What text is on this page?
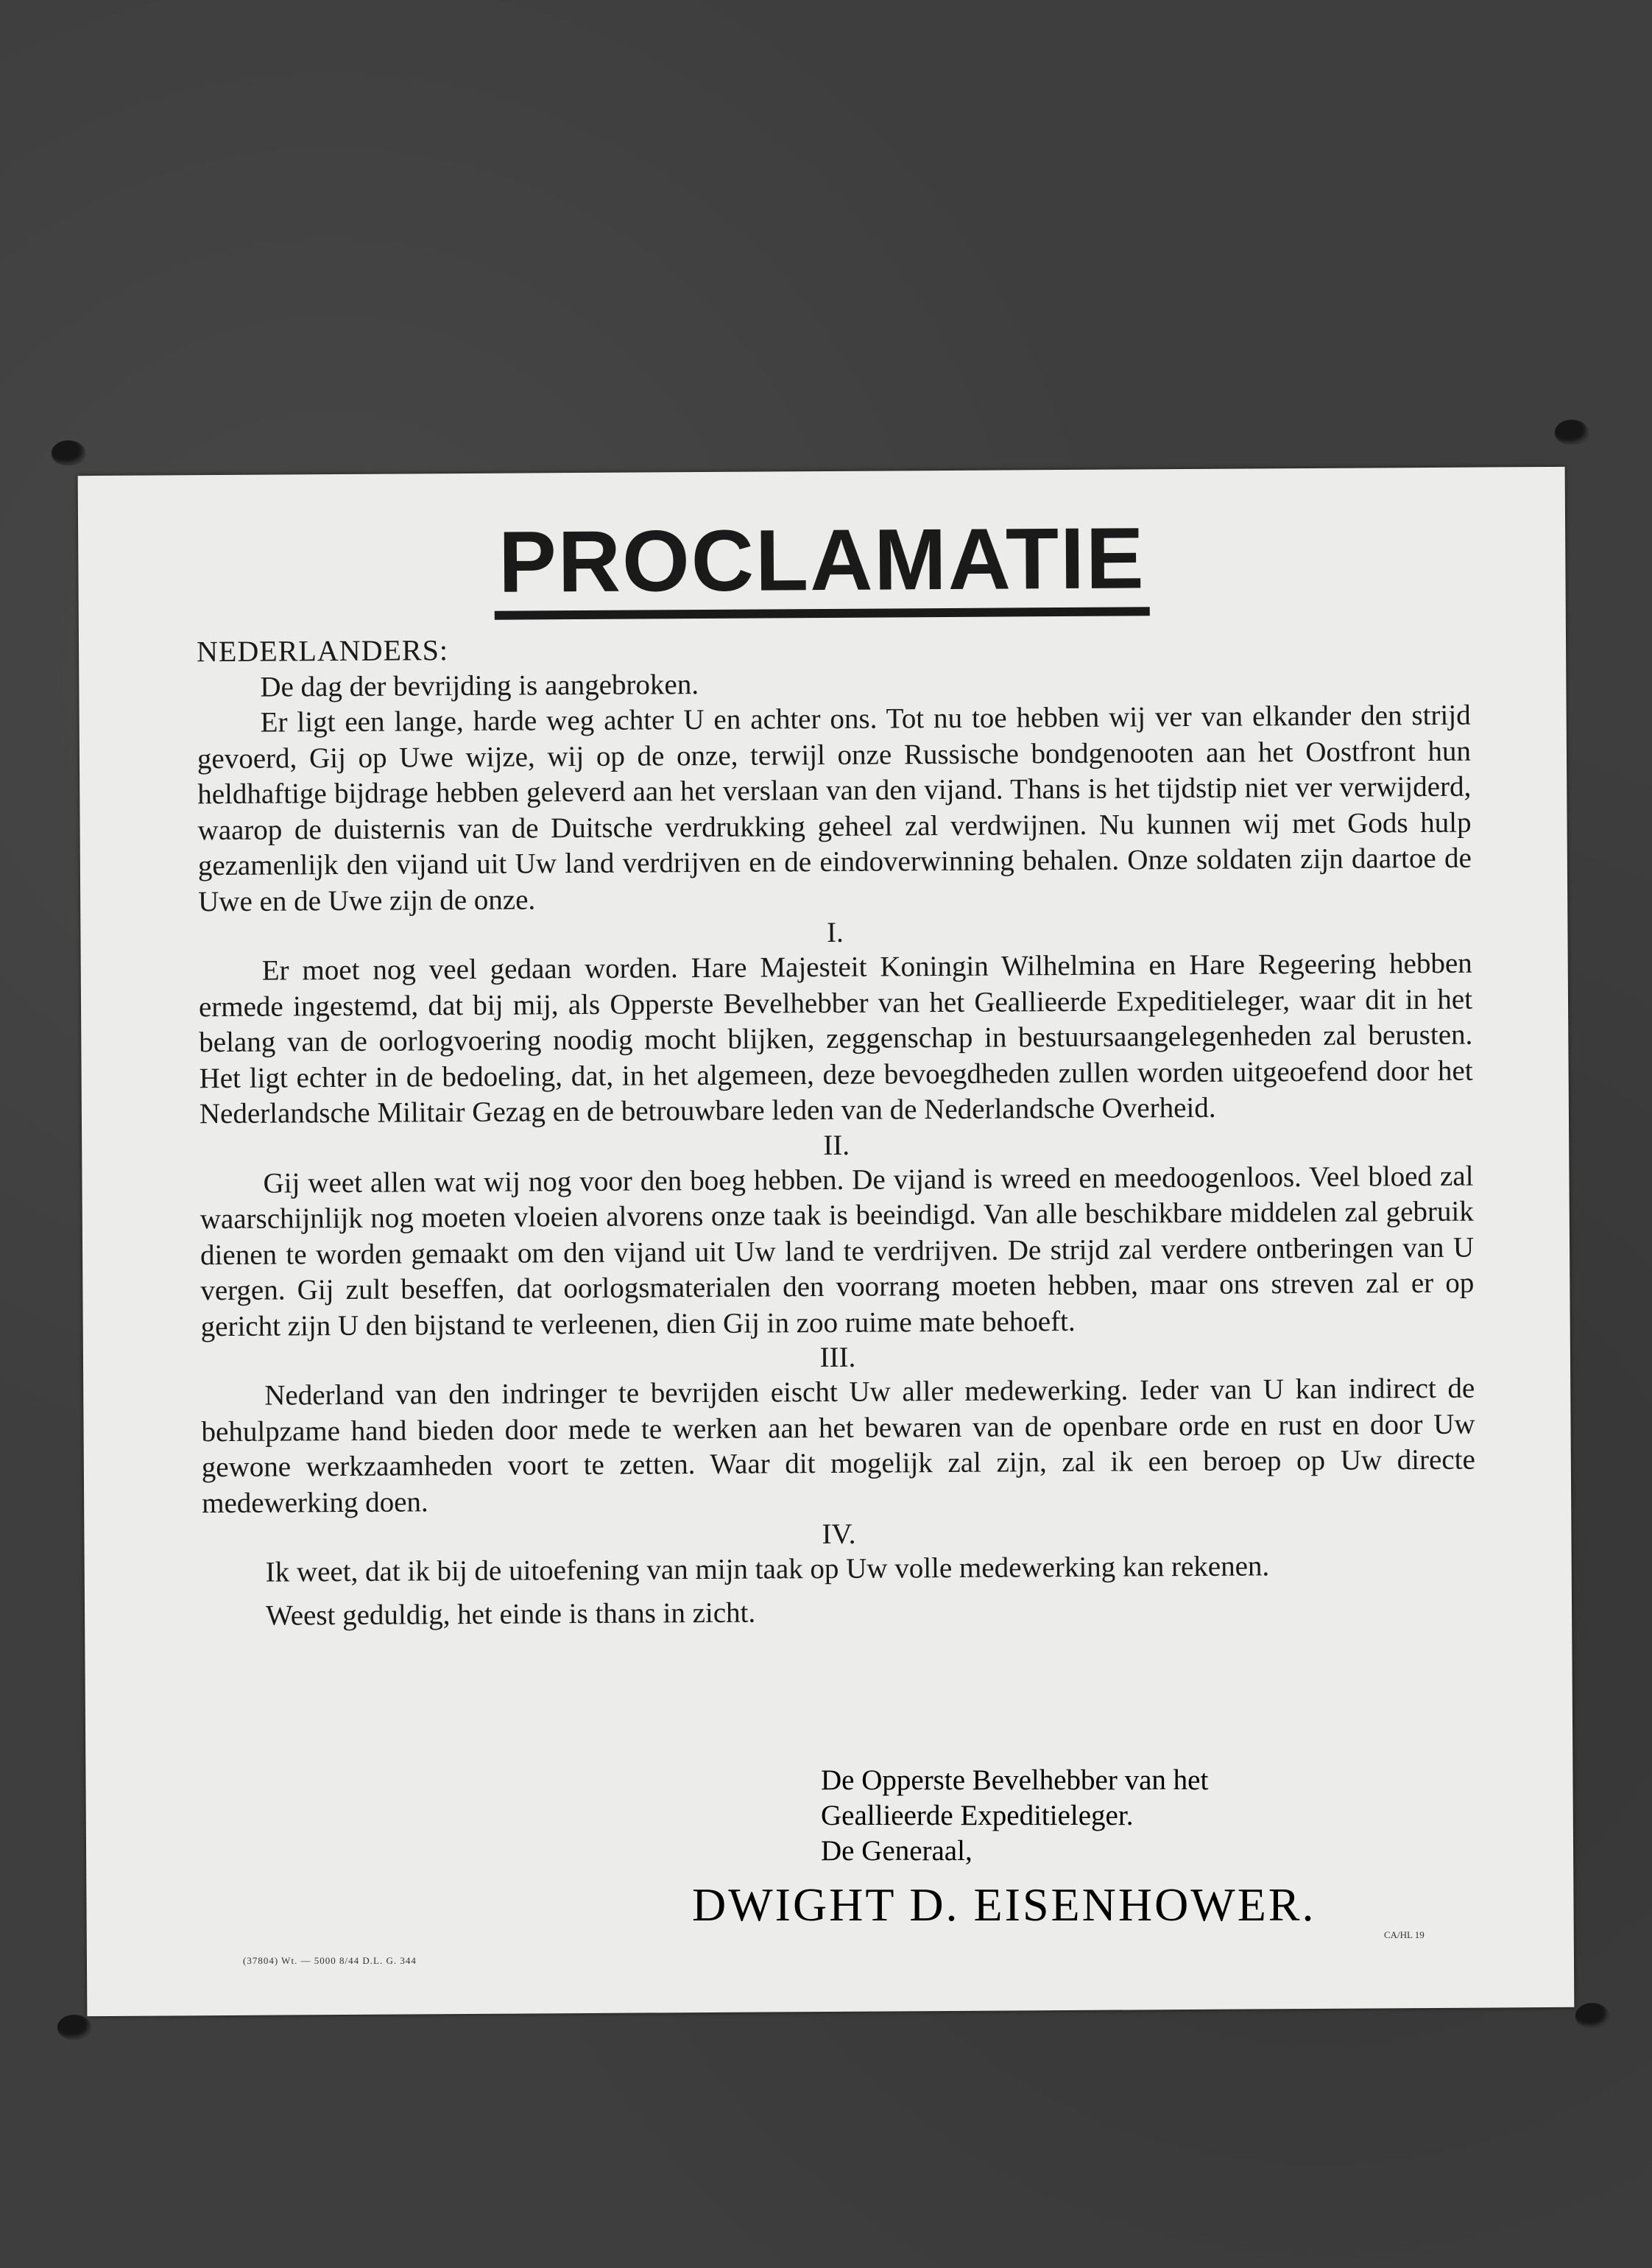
PROCLAMATIE
NEDERLANDERS:

De dag der bevrijding is aangebroken.

Er ligt een lange, harde weg achter U en achter ons. Tot nu toe hebben wij ver van elkander den strijd gevoerd, Gij op Uwe wijze, wij op de onze, terwijl onze Russische bondgenooten aan het Oostfront hun heldhaftige bijdrage hebben geleverd aan het verslaan van den vijand. Thans is het tijdstip niet ver verwijderd, waarop de duisternis van de Duitsche verdrukking geheel zal verdwijnen. Nu kunnen wij met Gods hulp gezamenlijk den vijand uit Uw land verdrijven en de eindoverwinning behalen. Onze soldaten zijn daartoe de Uwe en de Uwe zijn de onze.

I.

Er moet nog veel gedaan worden. Hare Majesteit Koningin Wilhelmina en Hare Regeering hebben ermede ingestemd, dat bij mij, als Opperste Bevelhebber van het Geallieerde Expeditieleger, waar dit in het belang van de oorlogvoering noodig mocht blijken, zeggenschap in bestuursaangelegenheden zal berusten. Het ligt echter in de bedoeling, dat, in het algemeen, deze bevoegdheden zullen worden uitgeoefend door het Nederlandsche Militair Gezag en de betrouwbare leden van de Nederlandsche Overheid.

II.

Gij weet allen wat wij nog voor den boeg hebben. De vijand is wreed en meedoogenloos. Veel bloed zal waarschijnlijk nog moeten vloeien alvorens onze taak is beeindigd. Van alle beschikbare middelen zal gebruik dienen te worden gemaakt om den vijand uit Uw land te verdrijven. De strijd zal verdere ontberingen van U vergen. Gij zult beseffen, dat oorlogsmaterialen den voorrang moeten hebben, maar ons streven zal er op gericht zijn U den bijstand te verleenen, dien Gij in zoo ruime mate behoeft.

III.

Nederland van den indringer te bevrijden eischt Uw aller medewerking. Ieder van U kan indirect de behulpzame hand bieden door mede te werken aan het bewaren van de openbare orde en rust en door Uw gewone werkzaamheden voort te zetten. Waar dit mogelijk zal zijn, zal ik een beroep op Uw directe medewerking doen.

IV.

Ik weet, dat ik bij de uitoefening van mijn taak op Uw volle medewerking kan rekenen.

Weest geduldig, het einde is thans in zicht.

De Opperste Bevelhebber van het
Geallieerde Expeditieleger.
De Generaal,
DWIGHT D. EISENHOWER.
(37804) Wt. — 5000 8/44 D.L. G. 344
CA/HL 19
